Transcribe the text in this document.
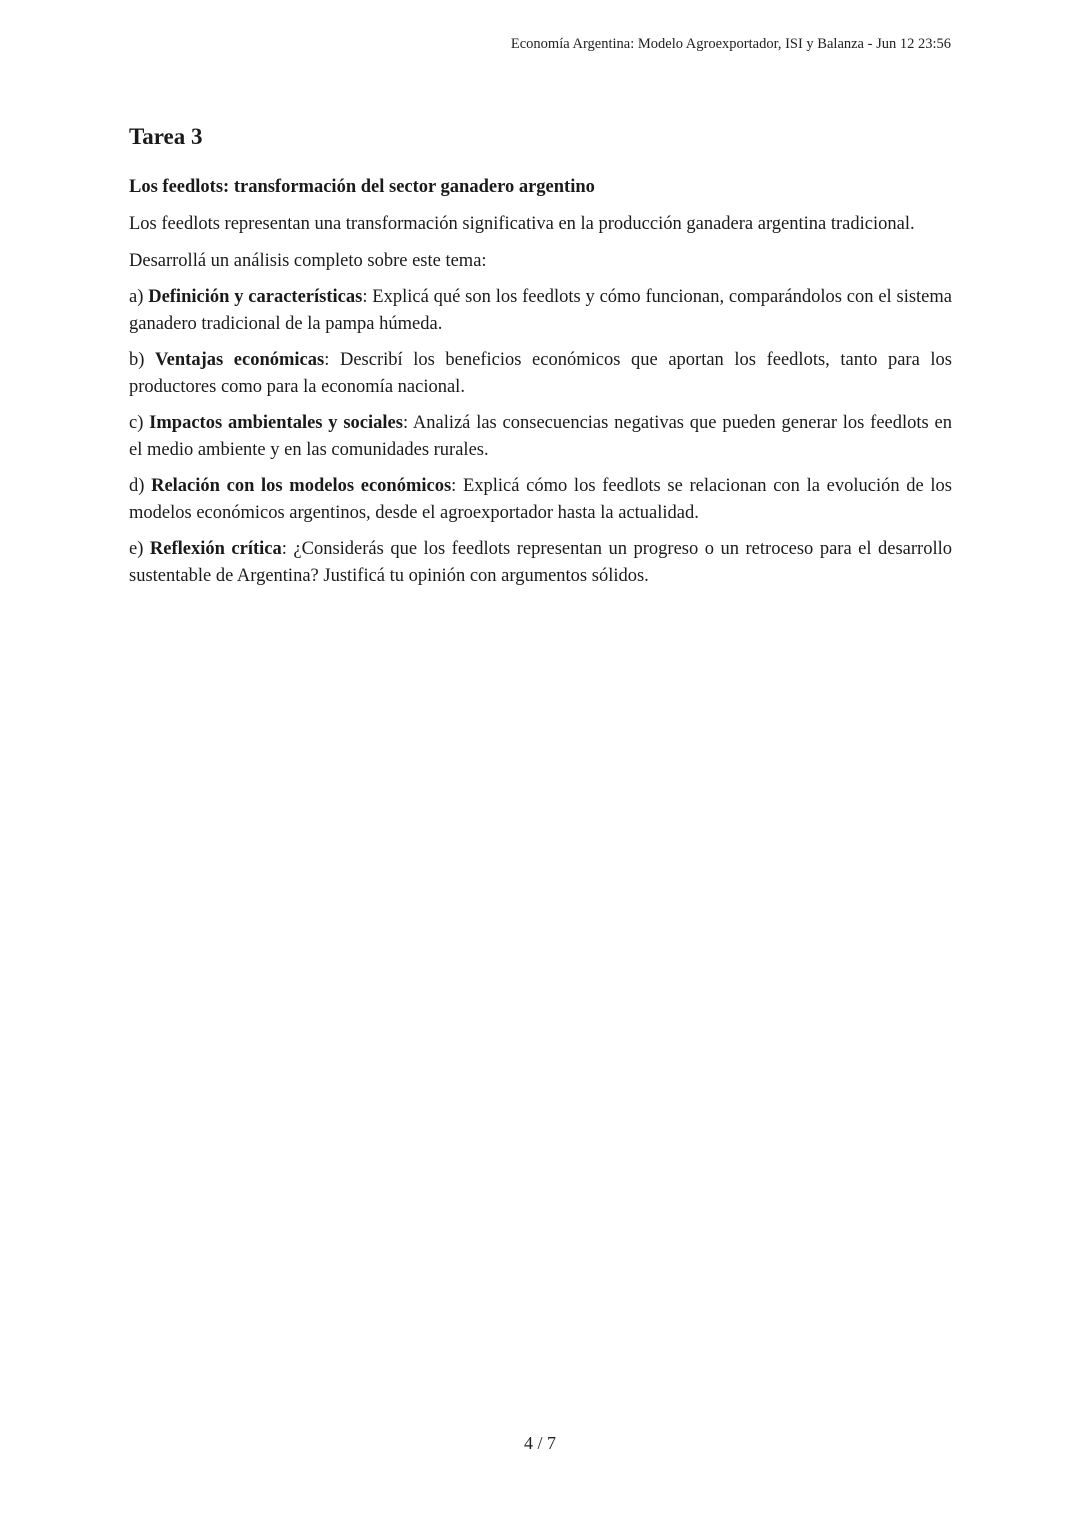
Economía Argentina: Modelo Agroexportador, ISI y Balanza - Jun 12 23:56
Tarea 3
Los feedlots: transformación del sector ganadero argentino

Los feedlots representan una transformación significativa en la producción ganadera argentina tradicional.

Desarrollá un análisis completo sobre este tema:

a) Definición y características: Explicá qué son los feedlots y cómo funcionan, comparándolos con el sistema ganadero tradicional de la pampa húmeda.

b) Ventajas económicas: Describí los beneficios económicos que aportan los feedlots, tanto para los productores como para la economía nacional.

c) Impactos ambientales y sociales: Analizá las consecuencias negativas que pueden generar los feedlots en el medio ambiente y en las comunidades rurales.

d) Relación con los modelos económicos: Explicá cómo los feedlots se relacionan con la evolución de los modelos económicos argentinos, desde el agroexportador hasta la actualidad.

e) Reflexión crítica: ¿Considerás que los feedlots representan un progreso o un retroceso para el desarrollo sustentable de Argentina? Justificá tu opinión con argumentos sólidos.

4 / 7
